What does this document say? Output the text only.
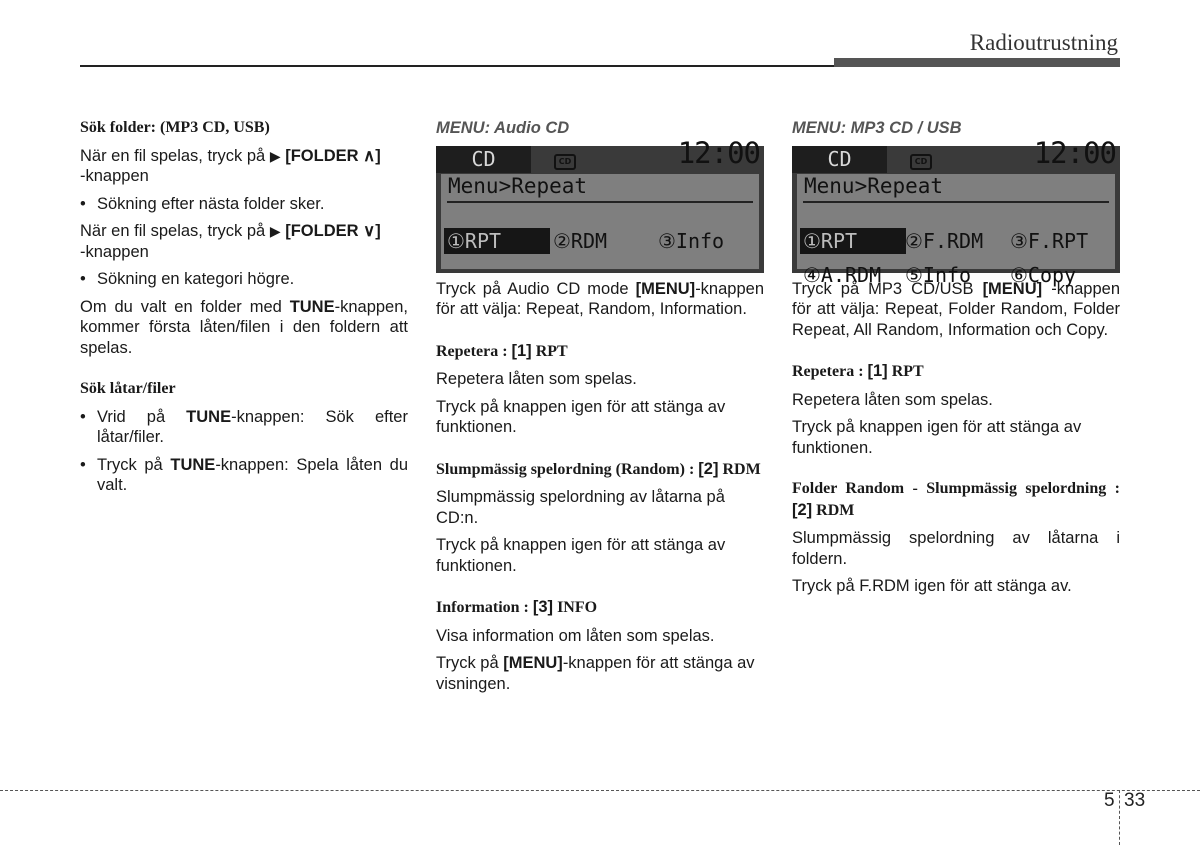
Radioutrustning

Sök folder: (MP3 CD, USB)

När en fil spelas, tryck på ▶ [FOLDER ∧]
-knappen

• Sökning efter nästa folder sker.

När en fil spelas, tryck på ▶ [FOLDER ∨]
-knappen

• Sökning en kategori högre.

Om du valt en folder med TUNE-knappen, kommer första låten/filen i den foldern att spelas.

Sök låtar/filer

• Vrid på TUNE-knappen: Sök efter låtar/filer.

• Tryck på TUNE-knappen: Spela låten du valt.

MENU: Audio CD

CD	CD	12:00
Menu>Repeat
①RPT	②RDM	③Info

Tryck på Audio CD mode [MENU]-knappen för att välja: Repeat, Random, Information.

Repetera : [1] RPT

Repetera låten som spelas.

Tryck på knappen igen för att stänga av funktionen.

Slumpmässig spelordning (Random) : [2] RDM

Slumpmässig spelordning av låtarna på CD:n.

Tryck på knappen igen för att stänga av funktionen.

Information : [3] INFO

Visa information om låten som spelas.

Tryck på [MENU]-knappen för att stänga av visningen.

MENU: MP3 CD / USB

CD	CD	12:00
Menu>Repeat
①RPT	②F.RDM ③F.RPT
④A.RDM ⑤Info ⑥Copy

Tryck på MP3 CD/USB [MENU] -knappen för att välja: Repeat, Folder Random, Folder Repeat, All Random, Information och Copy.

Repetera : [1] RPT

Repetera låten som spelas.

Tryck på knappen igen för att stänga av funktionen.

Folder Random - Slumpmässig spelordning : [2] RDM

Slumpmässig spelordning av låtarna i foldern.

Tryck på F.RDM igen för att stänga av.

5 33
